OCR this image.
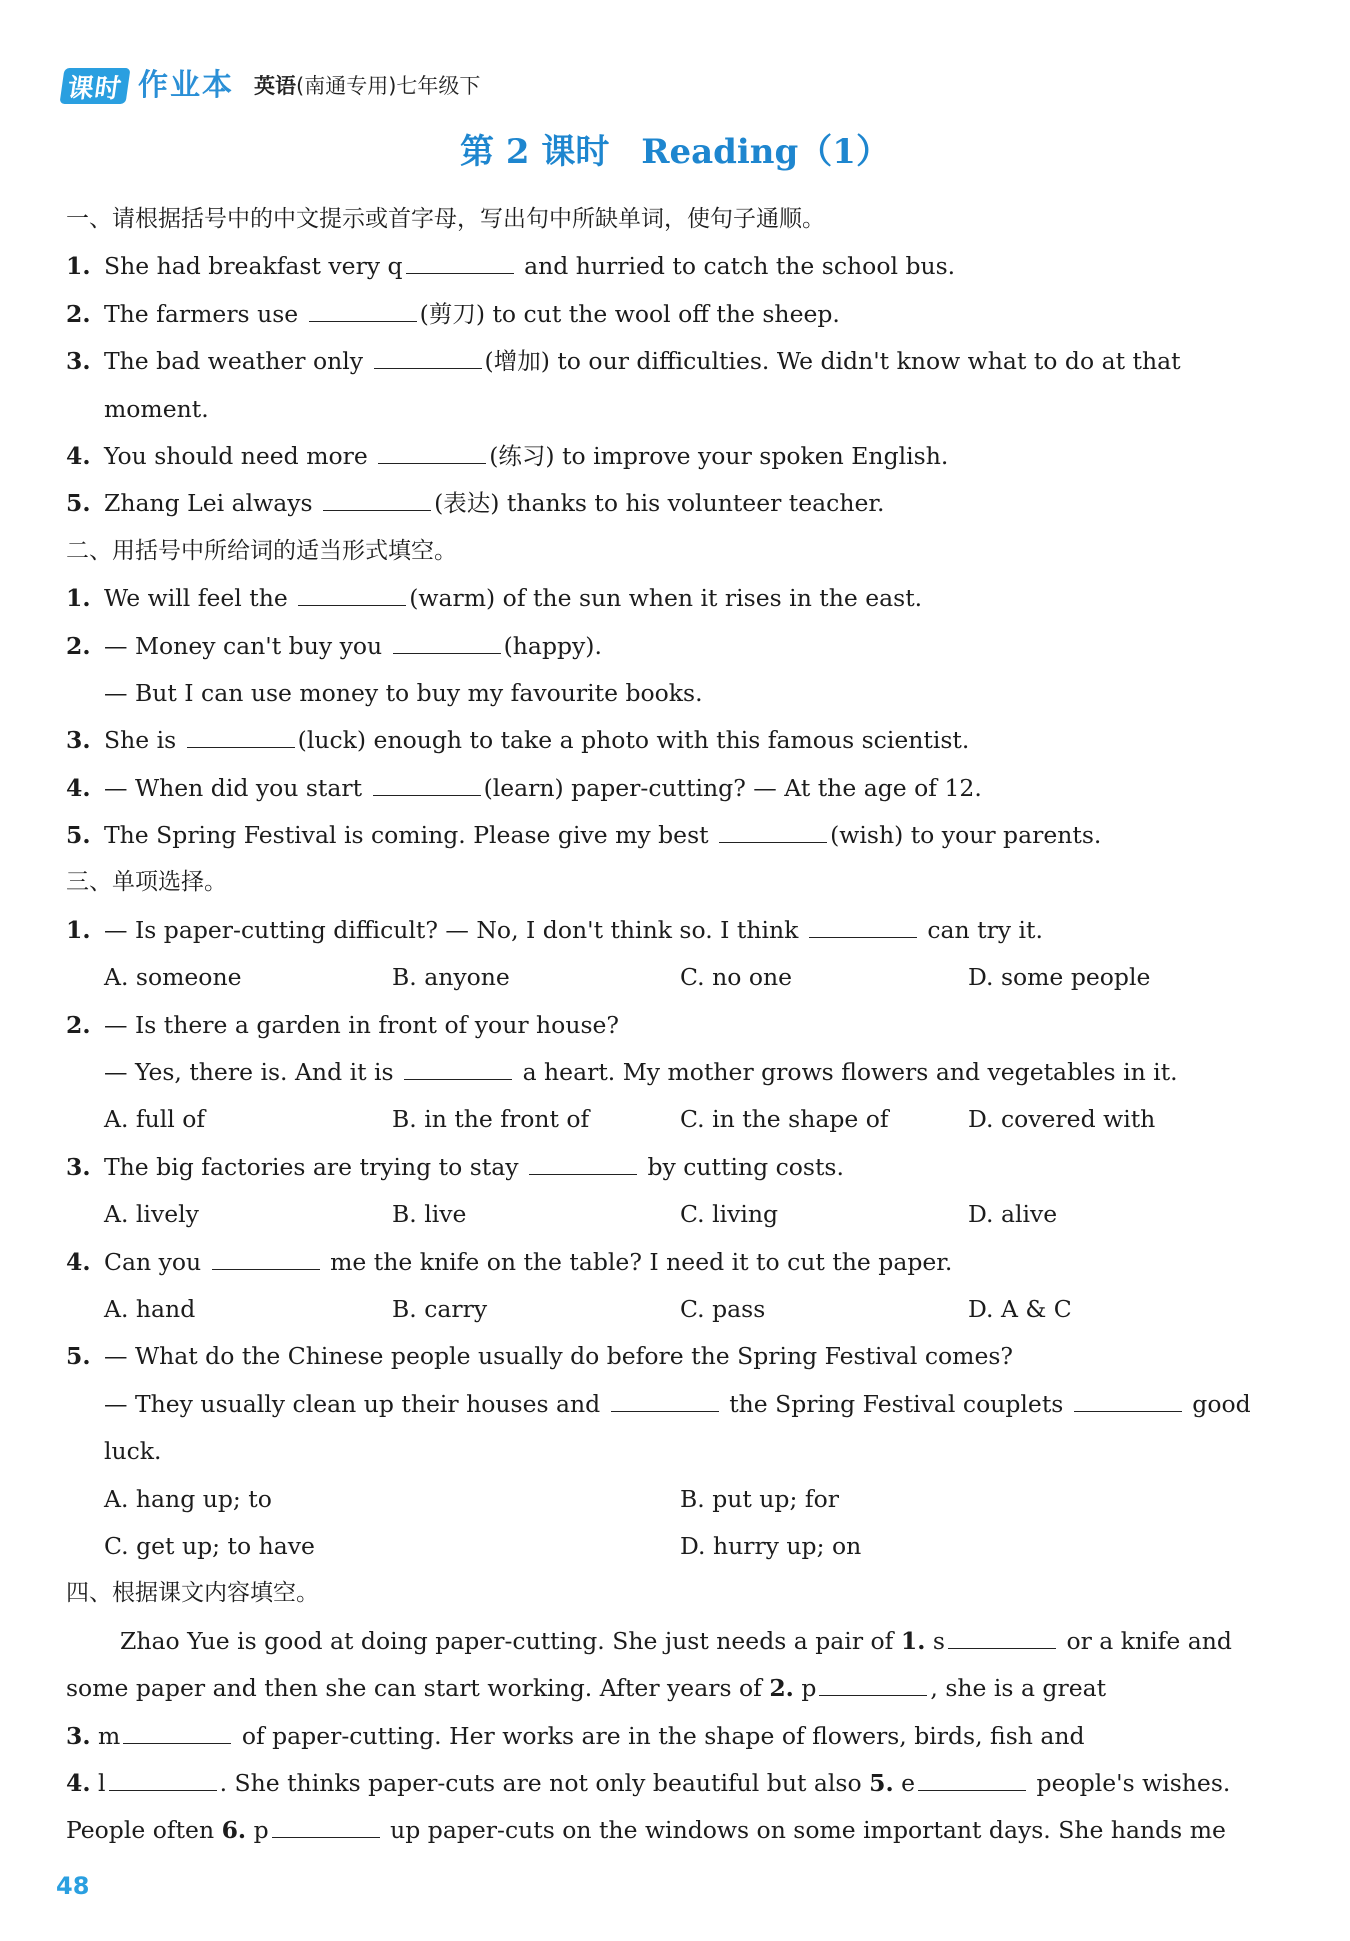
课时 作业本 英语(南通专用)七年级下
第 2 课时 Reading（1）
一、请根据括号中的中文提示或首字母，写出句中所缺单词，使句子通顺。
1. She had breakfast very q	and hurried to catch the school bus.
2. The farmers use	(剪刀) to cut the wool off the sheep.
3. The bad weather only	(增加) to our difficulties. We didn't know what to do at that
moment.
4. You should need more	(练习) to improve your spoken English.
5. Zhang Lei always	(表达) thanks to his volunteer teacher.
二、用括号中所给词的适当形式填空。
1. We will feel the	(warm) of the sun when it rises in the east.
2. — Money can't buy you	(happy).
— But I can use money to buy my favourite books.
3. She is	(luck) enough to take a photo with this famous scientist.
4. — When did you start	(learn) paper-cutting? — At the age of 12.
5. The Spring Festival is coming. Please give my best	(wish) to your parents.
三、单项选择。
1. — Is paper-cutting difficult? — No, I don't think so. I think	can try it.
A. someone	B. anyone	C. no one	D. some people
2. — Is there a garden in front of your house?
— Yes, there is. And it is	a heart. My mother grows flowers and vegetables in it.
A. full of	B. in the front of	C. in the shape of	D. covered with
3. The big factories are trying to stay	by cutting costs.
A. lively	B. live	C. living	D. alive
4. Can you	me the knife on the table? I need it to cut the paper.
A. hand	B. carry	C. pass	D. A & C
5. — What do the Chinese people usually do before the Spring Festival comes?
— They usually clean up their houses and	the Spring Festival couplets	good
luck.
A. hang up; to	B. put up; for
C. get up; to have	D. hurry up; on
四、根据课文内容填空。
Zhao Yue is good at doing paper-cutting. She just needs a pair of 1. s	or a knife and
some paper and then she can start working. After years of 2. p	, she is a great
3. m	of paper-cutting. Her works are in the shape of flowers, birds, fish and
4. l	. She thinks paper-cuts are not only beautiful but also 5. e	people's wishes.
People often 6. p	up paper-cuts on the windows on some important days. She hands me
48
